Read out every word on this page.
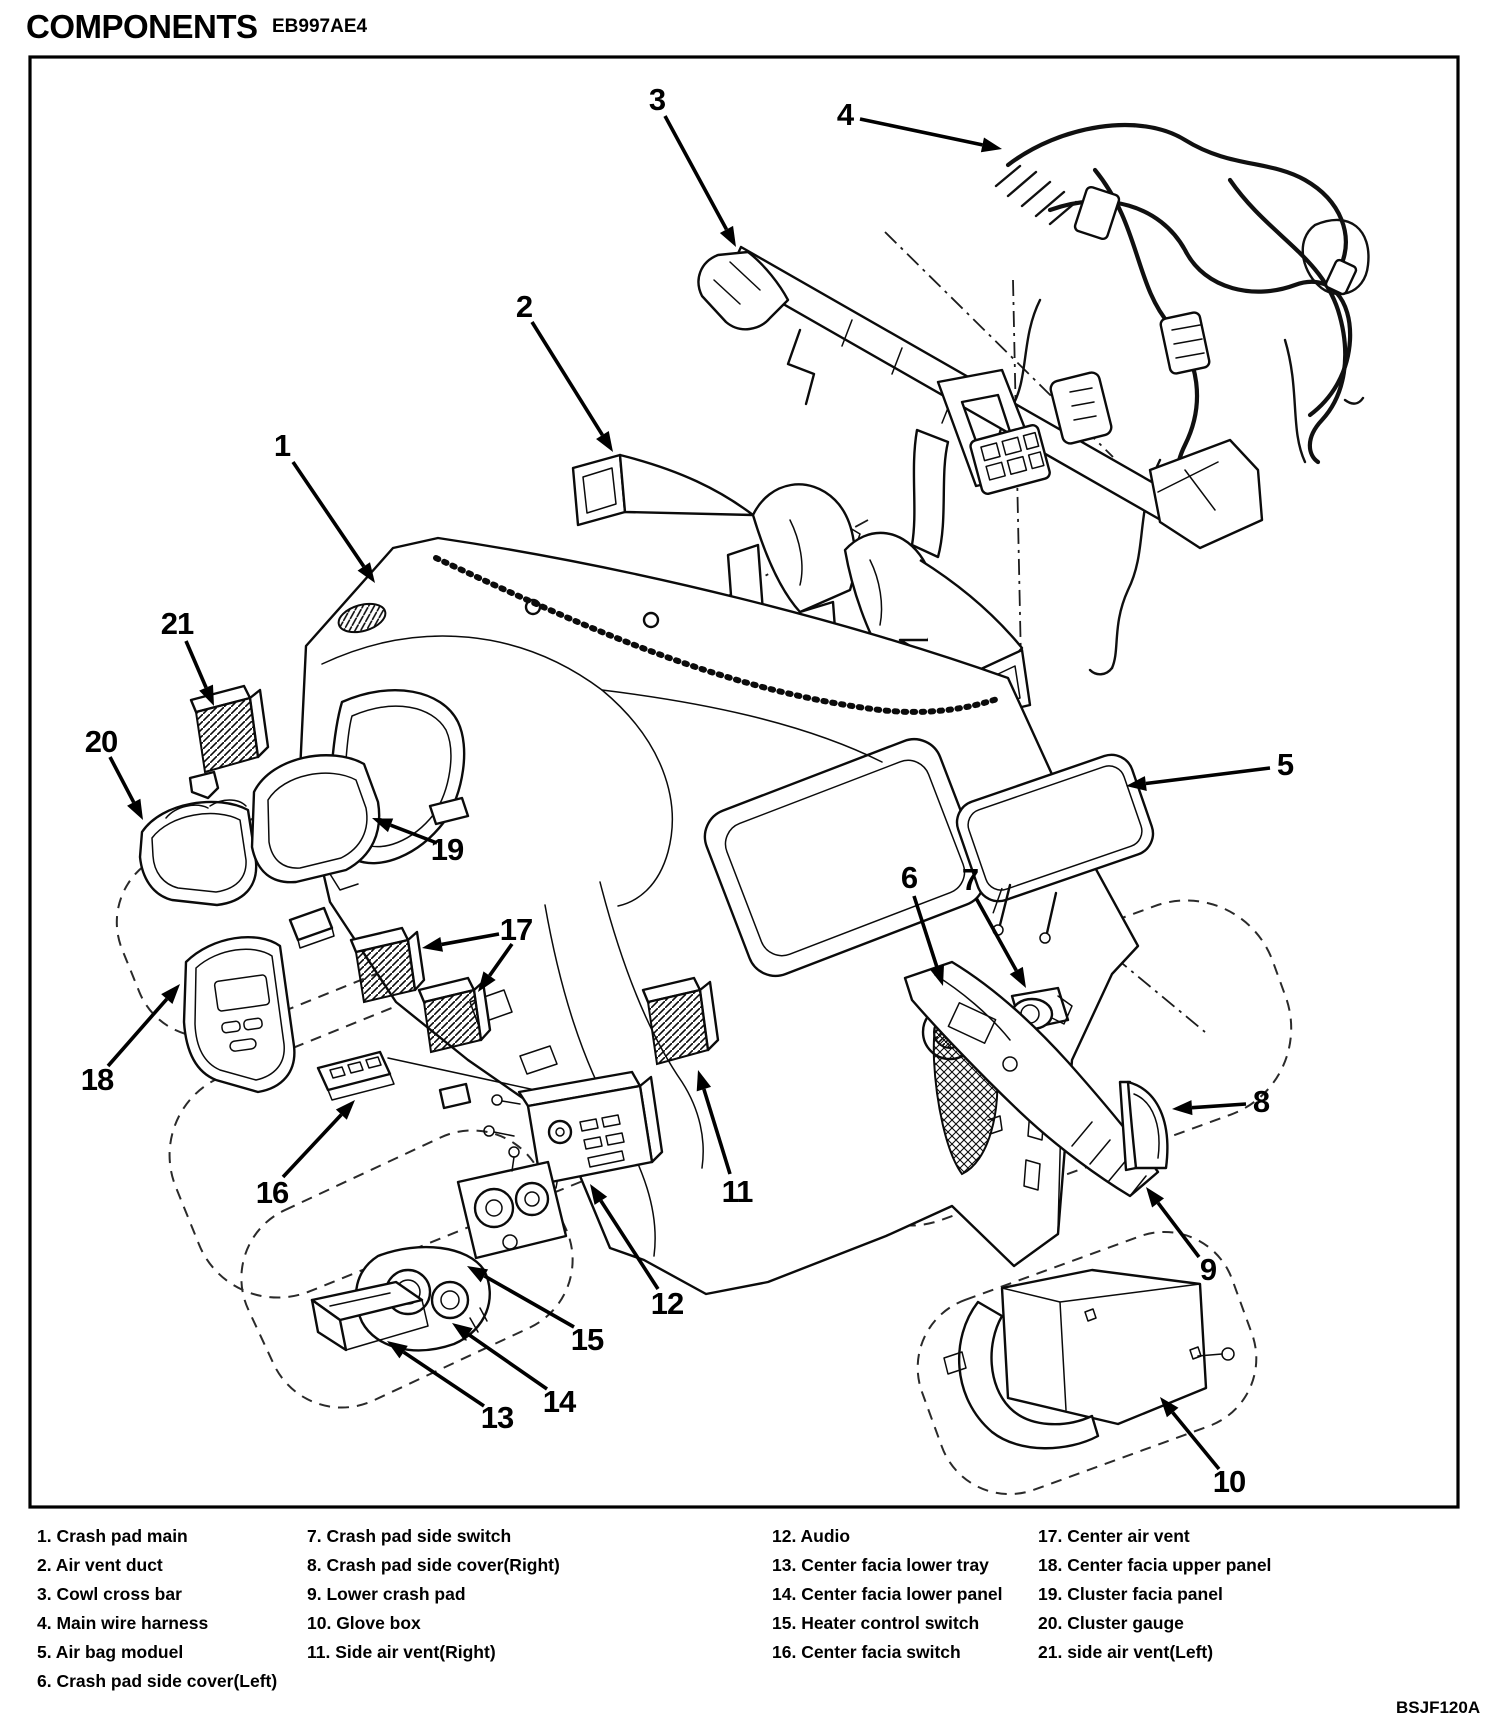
COMPONENTS EB997AE4
1
2
3	4
5
6 7
8
9
10
11
12
13 14
15
16
17
18
19
20
21
1. Crash pad main
2. Air vent duct
3. Cowl cross bar
4. Main wire harness
5. Air bag moduel
6. Crash pad side cover(Left)
7. Crash pad side switch
8. Crash pad side cover(Right)
9. Lower crash pad
10. Glove box
11. Side air vent(Right)
12. Audio
13. Center facia lower tray
14. Center facia lower panel
15. Heater control switch
16. Center facia switch
17. Center air vent
18. Center facia upper panel
19. Cluster facia panel
20. Cluster gauge
21. side air vent(Left)
BSJF120A
